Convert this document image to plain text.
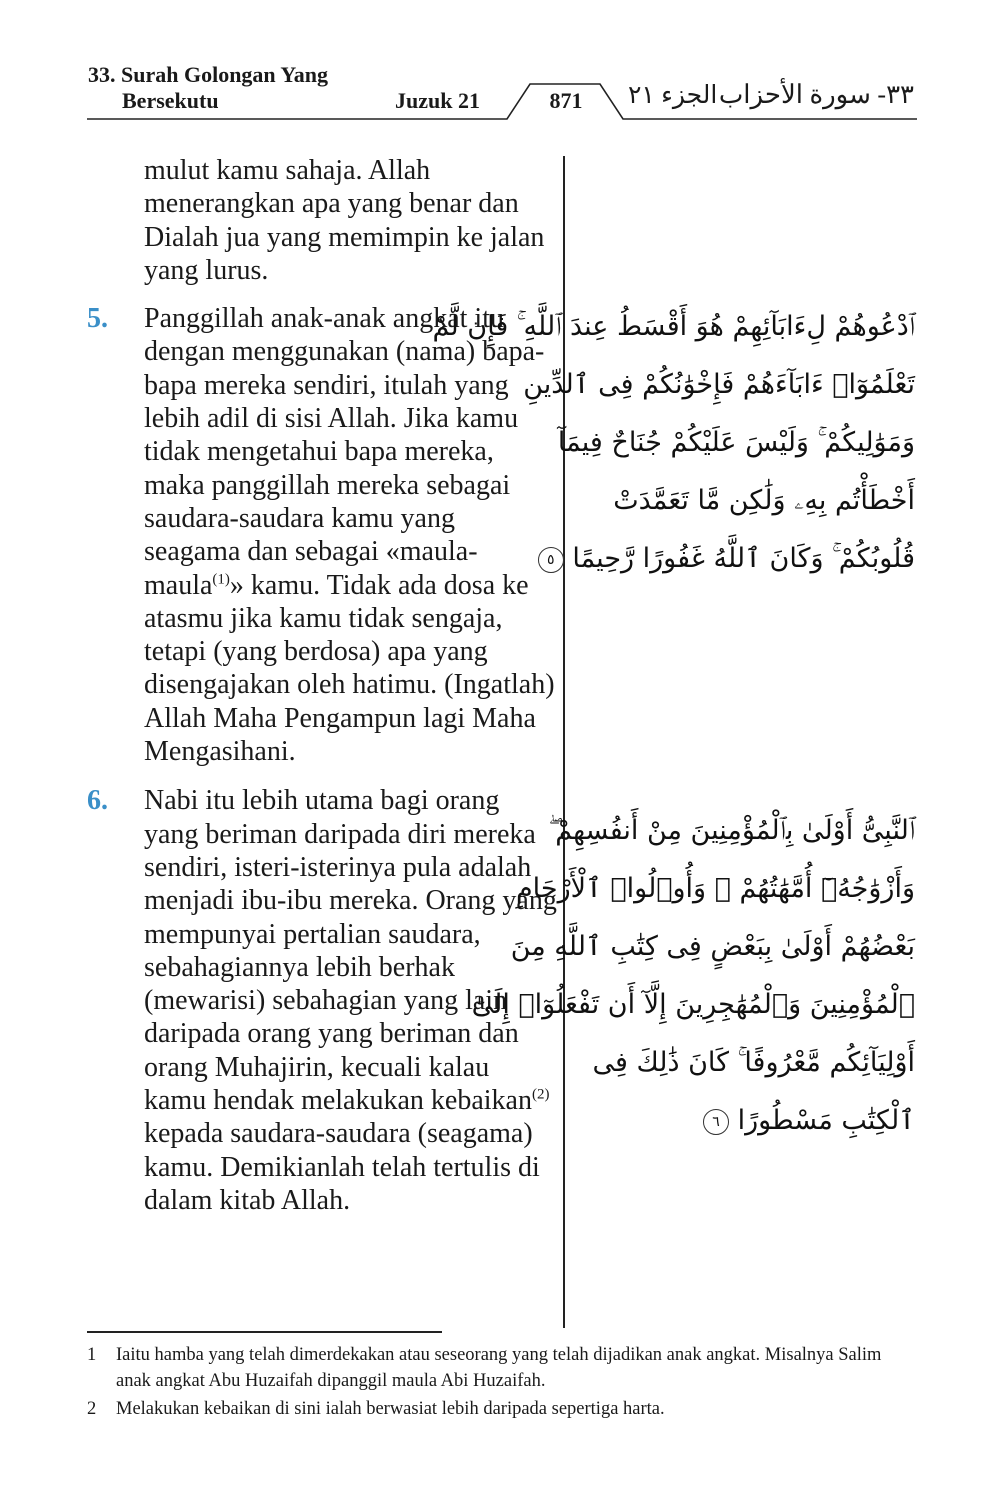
33. Surah Golongan Yang
Bersekutu	Juzuk 21	871	الجزء ٢١ ٣٣- سورة الأحزاب

mulut kamu sahaja. Allah menerangkan apa yang benar dan Dialah jua yang memimpin ke jalan yang lurus.

5. Panggillah anak-anak angkat itu dengan menggunakan (nama) bapa-bapa mereka sendiri, itulah yang lebih adil di sisi Allah. Jika kamu tidak mengetahui bapa mereka, maka panggillah mereka sebagai saudara-saudara kamu yang seagama dan sebagai «maula-maula$^{(1)}$» kamu. Tidak ada dosa ke atasmu jika kamu tidak sengaja, tetapi (yang berdosa) apa yang disengajakan oleh hatimu. (Ingatlah) Allah Maha Pengampun lagi Maha Mengasihani.
6. Nabi itu lebih utama bagi orang yang beriman daripada diri mereka sendiri, isteri-isterinya pula adalah menjadi ibu-ibu mereka. Orang yang mempunyai pertalian saudara, sebahagiannya lebih berhak (mewarisi) sebahagian yang lain daripada orang yang beriman dan orang Muhajirin, kecuali kalau kamu hendak melakukan kebaikan$^{(2)}$ kepada saudara-saudara (seagama) kamu. Demikianlah telah tertulis di dalam kitab Allah.
ٱدْعُوهُمْ لِءَابَآئِهِمْ هُوَ أَقْسَطُ عِندَ ٱللَّهِ ۚ فَإِن لَّمْ
تَعْلَمُوٓا۟ ءَابَآءَهُمْ فَإِخْوَٰنُكُمْ فِى ٱلدِّينِ
وَمَوَٰلِيكُمْ ۚ وَلَيْسَ عَلَيْكُمْ جُنَاحٌ فِيمَآ
أَخْطَأْتُم بِهِۦ وَلَٰكِن مَّا تَعَمَّدَتْ
قُلُوبُكُمْ ۚ وَكَانَ ٱللَّهُ غَفُورًا رَّحِيمًا ٥
ٱلنَّبِىُّ أَوْلَىٰ بِٱلْمُؤْمِنِينَ مِنْ أَنفُسِهِمْ ۖ
وَأَزْوَٰجُهُۥٓ أُمَّهَٰتُهُمْ ۗ وَأُو۟لُوا۟ ٱلْأَرْحَامِ
بَعْضُهُمْ أَوْلَىٰ بِبَعْضٍ فِى كِتَٰبِ ٱللَّهِ مِنَ
ٱلْمُؤْمِنِينَ وَٱلْمُهَٰجِرِينَ إِلَّآ أَن تَفْعَلُوٓا۟ إِلَىٰٓ
أَوْلِيَآئِكُم مَّعْرُوفًا ۚ كَانَ ذَٰلِكَ فِى
ٱلْكِتَٰبِ مَسْطُورًا ٦
1 Iaitu hamba yang telah dimerdekakan atau seseorang yang telah dijadikan anak angkat. Misalnya Salim anak angkat Abu Huzaifah dipanggil maula Abi Huzaifah.
2 Melakukan kebaikan di sini ialah berwasiat lebih daripada sepertiga harta.
